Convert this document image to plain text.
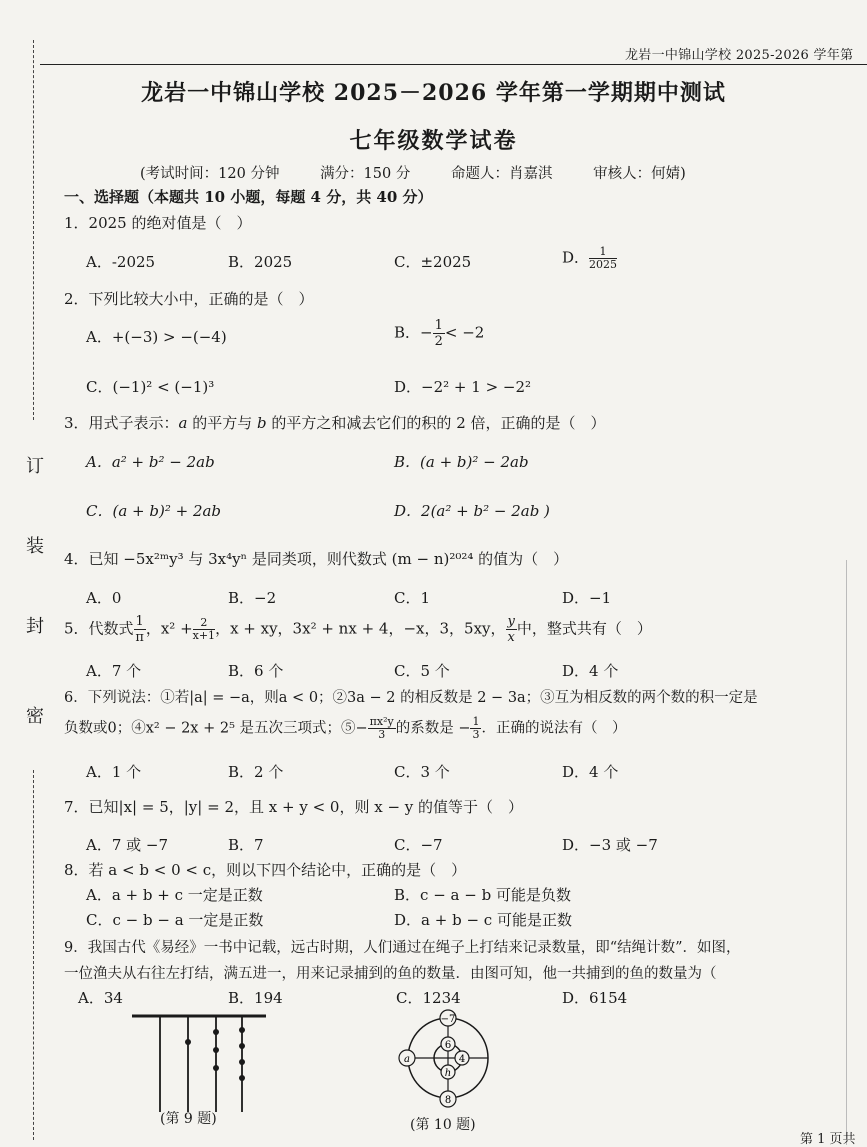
龙岩一中锦山学校 2025-2026 学年第
龙岩一中锦山学校 2025－2026 学年第一学期期中测试
七年级数学试卷
(考试时间：120 分钟	满分：150 分	命题人：肖嘉淇	审核人：何婧)
一、选择题（本题共 10 小题，每题 4 分，共 40 分）
订
装
封
密
1．2025 的绝对值是（　）
A．-2025	B．2025	C．±2025	D． $\frac{1}{2025}$
2．下列比较大小中，正确的是（　）
A．+(−3) > −(−4)	B．− $\frac{1}{2} < -2$
C．(−1)² < (−1)³	D．−2² + 1 > −2²
3．用式子表示：a 的平方与 b 的平方之和减去它们的积的 2 倍，正确的是（　）
A．a² + b² − 2ab	B．(a + b)² − 2ab
C．(a + b)² + 2ab	D．2(a² + b² − 2ab )
4．已知 −5x²ᵐy³ 与 3x⁴yⁿ 是同类项，则代数式 (m − n)²⁰²⁴ 的值为（　）
A．0	B．−2	C．1	D．−1
5．代数式 $\frac{1}{\pi}$ ，$x^2 + \frac{2}{x+1}$ ，x + xy，3x² + nx + 4，−x，3，5xy， $\frac{y}{x}$ 中，整式共有（　）
A．7 个	B．6 个	C．5 个	D．4 个
6．下列说法：①若|a| = −a，则a < 0；②3a − 2 的相反数是 2 − 3a；③互为相反数的两个数的积一定是
负数或0；④x² − 2x + 2⁵ 是五次三项式；⑤− $\frac{\text{πx²y}}{3}$ 的系数是 − $\frac{1}{3}$ ．正确的说法有（　）
A．1 个	B．2 个	C．3 个	D．4 个
7．已知|x| = 5，|y| = 2，且 x + y < 0，则 x − y 的值等于（　）
A．7 或 −7	B．7	C．−7	D．−3 或 −7
8．若 a < b < 0 < c，则以下四个结论中，正确的是（　）
A．a + b + c 一定是正数	B．c − a − b 可能是负数
C．c − b − a 一定是正数	D．a + b − c 可能是正数
9．我国古代《易经》一书中记载，远古时期，人们通过在绳子上打结来记录数量，即“结绳计数”．如图，
一位渔夫从右往左打结，满五进一，用来记录捕到的鱼的数量．由图可知，他一共捕到的鱼的数量为（
A．34	B．194	C．1234	D．6154
(第 9 题)
−7
6
4
h
8
a
(第 10 题)
第 1 页共
